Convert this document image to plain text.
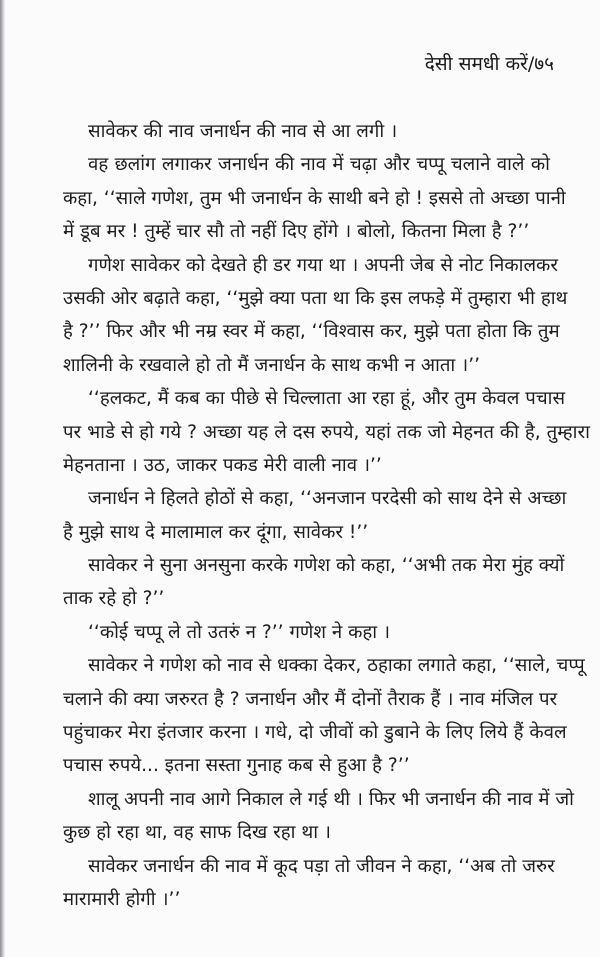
देसी समधी करें/७५
सावेकर की नाव जनार्धन की नाव से आ लगी ।
वह छलांग लगाकर जनार्धन की नाव में चढ़ा और चप्पू चलाने वाले को
कहा, ‘‘साले गणेश, तुम भी जनार्धन के साथी बने हो ! इससे तो अच्छा पानी
में डूब मर ! तुम्हें चार सौ तो नहीं दिए होंगे । बोलो, कितना मिला है ?’’
गणेश सावेकर को देखते ही डर गया था । अपनी जेब से नोट निकालकर
उसकी ओर बढ़ाते कहा, ‘‘मुझे क्या पता था कि इस लफड़े में तुम्हारा भी हाथ
है ?’’ फिर और भी नम्र स्वर में कहा, ‘‘विश्वास कर, मुझे पता होता कि तुम
शालिनी के रखवाले हो तो मैं जनार्धन के साथ कभी न आता ।’’
‘‘हलकट, मैं कब का पीछे से चिल्लाता आ रहा हूं, और तुम केवल पचास
पर भाडे से हो गये ? अच्छा यह ले दस रुपये, यहां तक जो मेहनत की है, तुम्हारा
मेहनताना । उठ, जाकर पकड मेरी वाली नाव ।’’
जनार्धन ने हिलते होठों से कहा, ‘‘अनजान परदेसी को साथ देने से अच्छा
है मुझे साथ दे मालामाल कर दूंगा, सावेकर !’’
सावेकर ने सुना अनसुना करके गणेश को कहा, ‘‘अभी तक मेरा मुंह क्यों
ताक रहे हो ?’’
‘‘कोई चप्पू ले तो उतरुं न ?’’ गणेश ने कहा ।
सावेकर ने गणेश को नाव से धक्का देकर, ठहाका लगाते कहा, ‘‘साले, चप्पू
चलाने की क्या जरुरत है ? जनार्धन और मैं दोनों तैराक हैं । नाव मंजिल पर
पहुंचाकर मेरा इंतजार करना । गधे, दो जीवों को डुबाने के लिए लिये हैं केवल
पचास रुपये... इतना सस्ता गुनाह कब से हुआ है ?’’
शालू अपनी नाव आगे निकाल ले गई थी । फिर भी जनार्धन की नाव में जो
कुछ हो रहा था, वह साफ दिख रहा था ।
सावेकर जनार्धन की नाव में कूद पड़ा तो जीवन ने कहा, ‘‘अब तो जरुर
मारामारी होगी ।’’
